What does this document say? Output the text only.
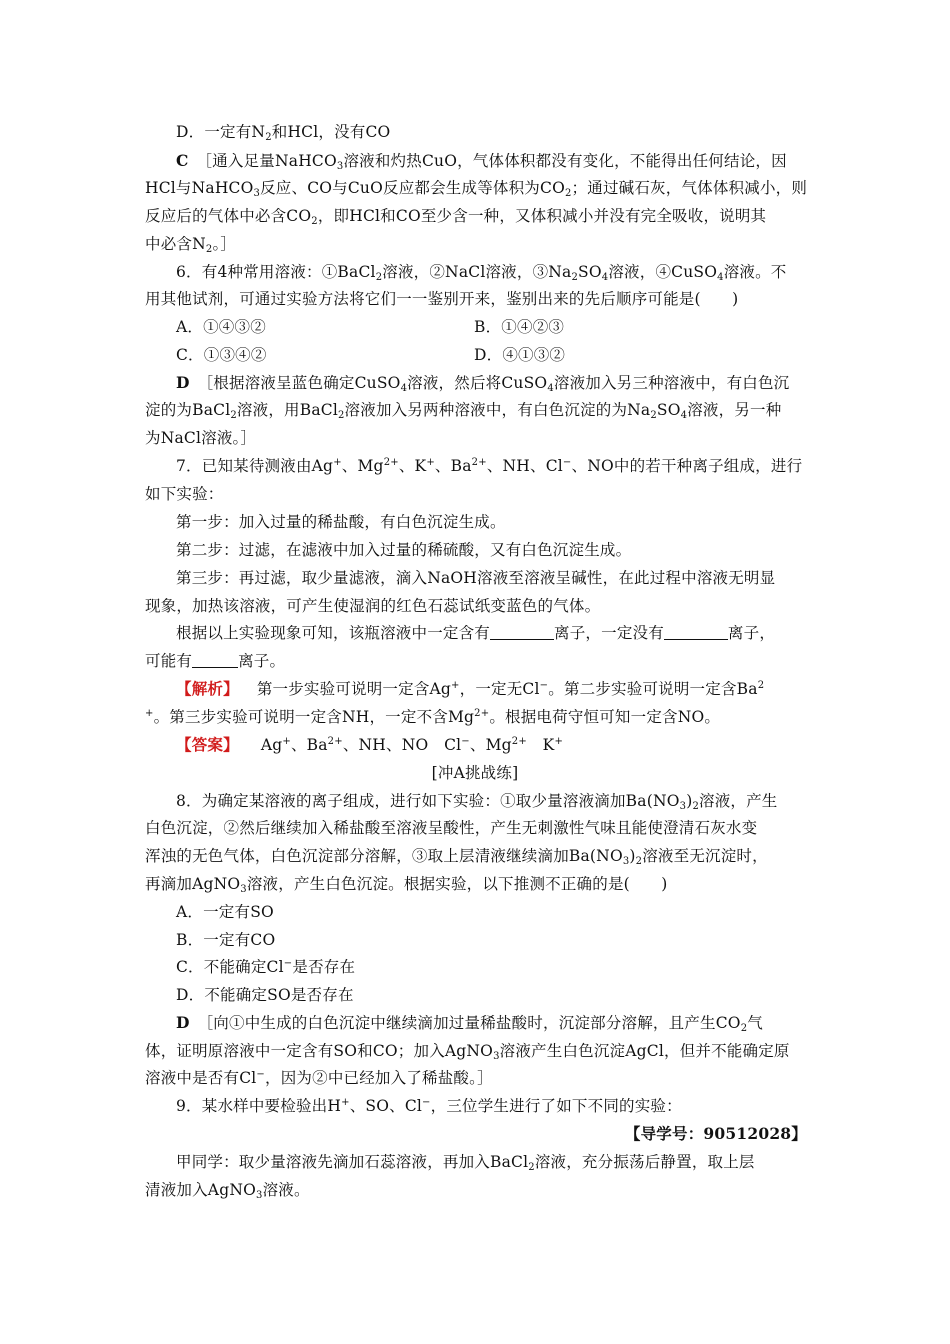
D．一定有$N_2$和HCl，没有CO
C　 ［通入足量NaHCO$_3$溶液和灼热CuO，气体体积都没有变化，不能得出任何结论，因
HCl与NaHCO$_3$反应、CO与CuO反应都会生成等体积为$CO_2$；通过碱石灰，气体体积减小，则
反应后的气体中必含$CO_2$，即HCl和CO至少含一种，又体积减小并没有完全吸收，说明其
中必含$N_2$。］
6．有4种常用溶液：①BaCl$_2$溶液，②NaCl溶液，$③Na_2SO_4$溶液，④CuSO$_4$溶液。不
用其他试剂，可通过实验方法将它们一一鉴别开来，鉴别出来的先后顺序可能是(　　)
A．①④③②	B．①④②③
C．①③④②	D．④①③②
D　 ［根据溶液呈蓝色确定CuSO$_4$溶液，然后将CuSO$_4$溶液加入另三种溶液中，有白色沉
淀的为BaCl$_2$溶液，用BaCl$_2$溶液加入另两种溶液中，有白色沉淀的为$Na_2SO_4$溶液，另一种
为NaCl溶液。］
7．已知某待测液由Ag+、$Mg^{2+}$、K+、$Ba^{2+}$、NH、Cl−、NO中的若干种离子组成，进行
如下实验：
第一步：加入过量的稀盐酸，有白色沉淀生成。
第二步：过滤，在滤液中加入过量的稀硫酸，又有白色沉淀生成。
第三步：再过滤，取少量滤液，滴入NaOH溶液至溶液呈碱性，在此过程中溶液无明显
现象，加热该溶液，可产生使湿润的红色石蕊试纸变蓝色的气体。
根据以上实验现象可知，该瓶溶液中一定含有	离子，一定没有	离子，
可能有	离子。
【解析】 第一步实验可说明一定含Ag+，一定无Cl−。第二步实验可说明一定含Ba$^2$
+。第三步实验可说明一定含NH，一定不含$Mg^{2+}$。根据电荷守恒可知一定含NO。
【答案】 Ag+、$Ba^{2+}$、NH、NO　Cl−、$Mg^{2+}$　K+
[冲A挑战练]
8．为确定某溶液的离子组成，进行如下实验：①取少量溶液滴加$Ba(NO_3)_2$溶液，产生
白色沉淀，②然后继续加入稀盐酸至溶液呈酸性，产生无刺激性气味且能使澄清石灰水变
浑浊的无色气体，白色沉淀部分溶解，③取上层清液继续滴加$Ba(NO_3)_2$溶液至无沉淀时，
再滴加AgNO$_3$溶液，产生白色沉淀。根据实验，以下推测不正确的是(　　)
A．一定有SO
B．一定有CO
C．不能确定Cl−是否存在
D．不能确定SO是否存在
D　 ［向①中生成的白色沉淀中继续滴加过量稀盐酸时，沉淀部分溶解，且产生$CO_2$气
体，证明原溶液中一定含有SO和CO；加入AgNO$_3$溶液产生白色沉淀AgCl，但并不能确定原
溶液中是否有Cl−，因为②中已经加入了稀盐酸。］
9．某水样中要检验出H+、SO、Cl−，三位学生进行了如下不同的实验：
【导学号：90512028】
甲同学：取少量溶液先滴加石蕊溶液，再加入BaCl$_2$溶液，充分振荡后静置，取上层
清液加入AgNO$_3$溶液。
